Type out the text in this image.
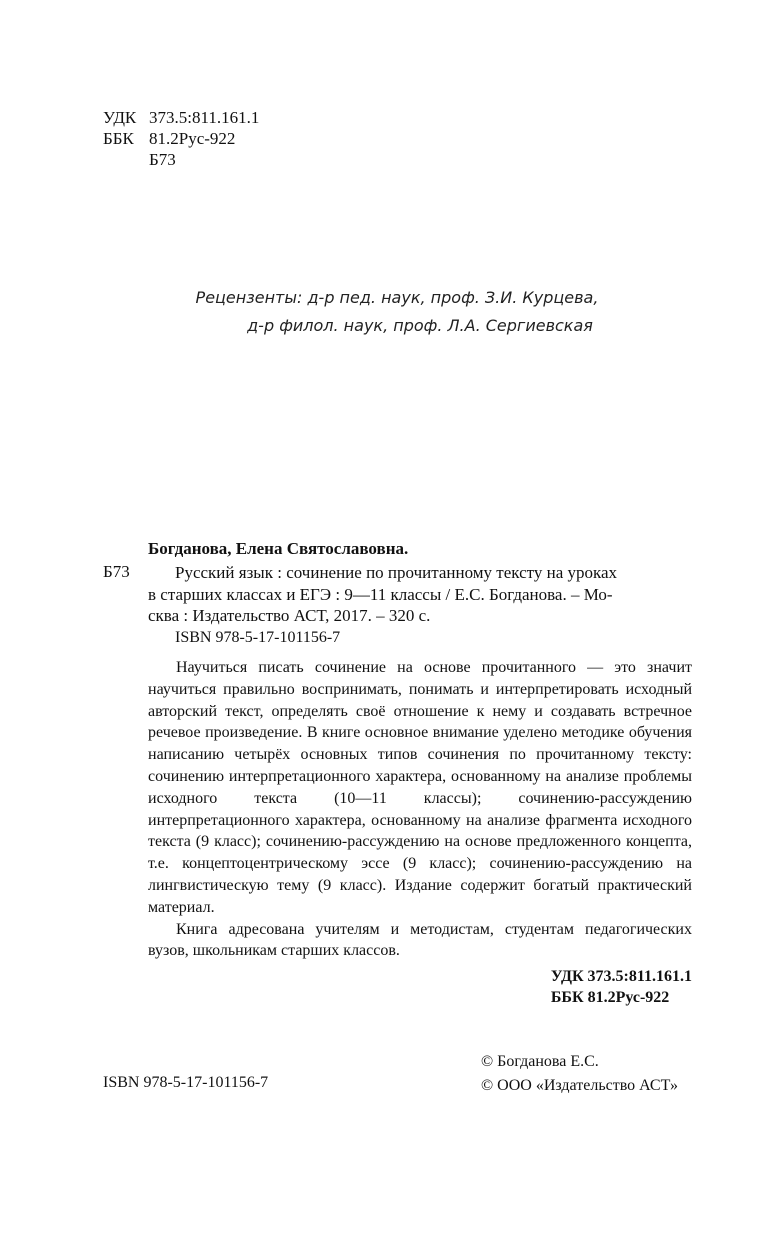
УДК 373.5:811.161.1
ББК 81.2Рус-922
Б73
Рецензенты: д-р пед. наук, проф. З.И. Курцева,
д-р филол. наук, проф. Л.А. Сергиевская
Богданова, Елена Святославовна.
Б73	Русский язык : сочинение по прочитанному тексту на уроках
в старших классах и ЕГЭ : 9—11 классы / Е.С. Богданова. – Мо-
сква : Издательство АСТ, 2017. – 320 с.
ISBN 978-5-17-101156-7

Научиться писать сочинение на основе прочитанного — это значит научиться правильно воспринимать, понимать и интерпретировать исходный авторский текст, определять своё отношение к нему и создавать встречное речевое произведение. В книге основное внимание уделено методике обучения написанию четырёх основных типов сочинения по прочитанному тексту: сочинению интерпретационного характера, основанному на анализе проблемы исходного текста (10—11 классы); сочинению-рассуждению интерпретационного характера, основанному на анализе фрагмента исходного текста (9 класс); сочинению-рассуждению на основе предложенного концепта, т.е. концептоцентрическому эссе (9 класс); сочинению-рассуждению на лингвистическую тему (9 класс). Издание содержит богатый практический материал.

Книга адресована учителям и методистам, студентам педагогических вузов, школьникам старших классов.

УДК 373.5:811.161.1
ББК 81.2Рус-922
ISBN 978-5-17-101156-7
© Богданова Е.С.
© ООО «Издательство АСТ»
